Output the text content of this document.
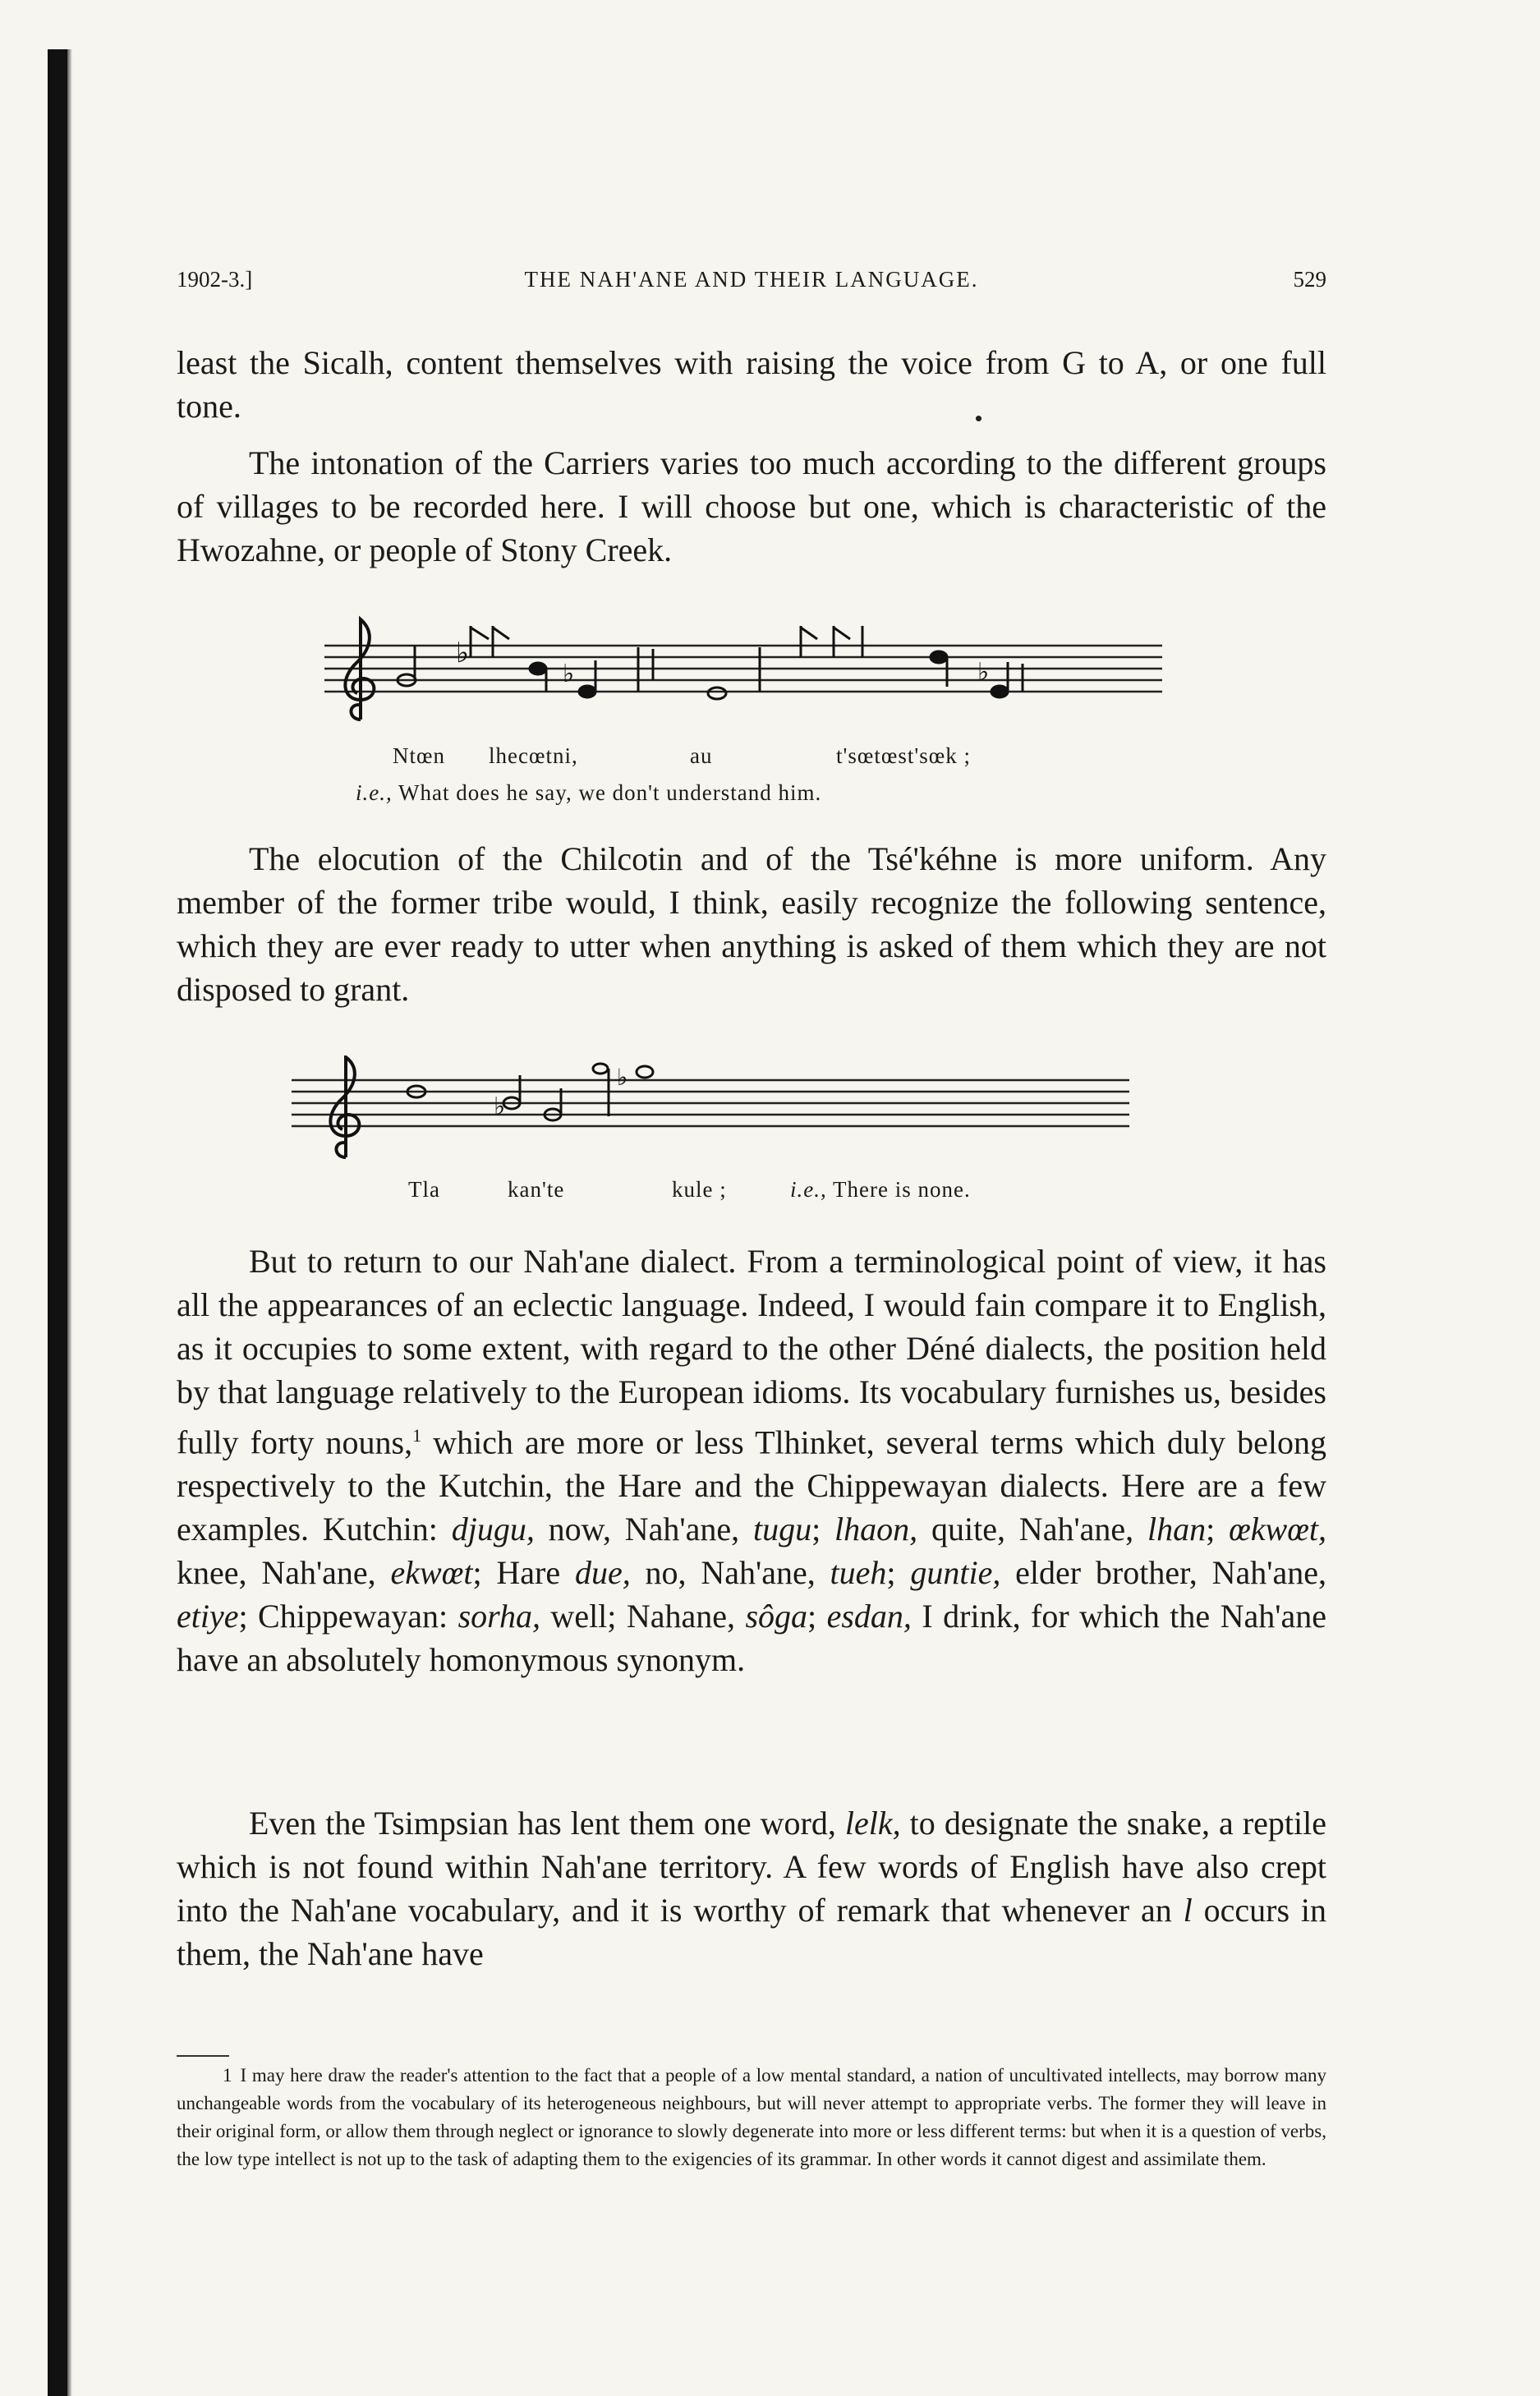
1902-3.]	THE NAH'ANE AND THEIR LANGUAGE.	529

least the Sicalh, content themselves with raising the voice from G to A, or one full tone.

The intonation of the Carriers varies too much according to the different groups of villages to be recorded here. I will choose but one, which is characteristic of the Hwozahne, or people of Stony Creek.

♭
♭	♭
Ntœn lhecœtni,	au	t'sœtœst'sœk ;
i.e., What does he say, we don't understand him.

The elocution of the Chilcotin and of the Tsé'kéhne is more uniform. Any member of the former tribe would, I think, easily recognize the following sentence, which they are ever ready to utter when anything is asked of them which they are not disposed to grant.

♭
♭
Tla	kan'te	kule ;	i.e., There is none.

But to return to our Nah'ane dialect. From a terminological point of view, it has all the appearances of an eclectic language. Indeed, I would fain compare it to English, as it occupies to some extent, with regard to the other Déné dialects, the position held by that language relatively to the European idioms. Its vocabulary furnishes us, besides fully forty nouns,$^1$ which are more or less Tlhinket, several terms which duly belong respectively to the Kutchin, the Hare and the Chippewayan dialects. Here are a few examples. Kutchin: djugu, now, Nah'ane, tugu; lhaon, quite, Nah'ane, lhan; œkwœt, knee, Nah'ane, ekwœt; Hare due, no, Nah'ane, tueh; guntie, elder brother, Nah'ane, etiye; Chippewayan: sorha, well; Nahane, sôga; esdan, I drink, for which the Nah'ane have an absolutely homonymous synonym.

Even the Tsimpsian has lent them one word, lelk, to designate the snake, a reptile which is not found within Nah'ane territory. A few words of English have also crept into the Nah'ane vocabulary, and it is worthy of remark that whenever an l occurs in them, the Nah'ane have

1 I may here draw the reader's attention to the fact that a people of a low mental standard, a nation of uncultivated intellects, may borrow many unchangeable words from the vocabulary of its heterogeneous neighbours, but will never attempt to appropriate verbs. The former they will leave in their original form, or allow them through neglect or ignorance to slowly degenerate into more or less different terms: but when it is a question of verbs, the low type intellect is not up to the task of adapting them to the exigencies of its grammar. In other words it cannot digest and assimilate them.
